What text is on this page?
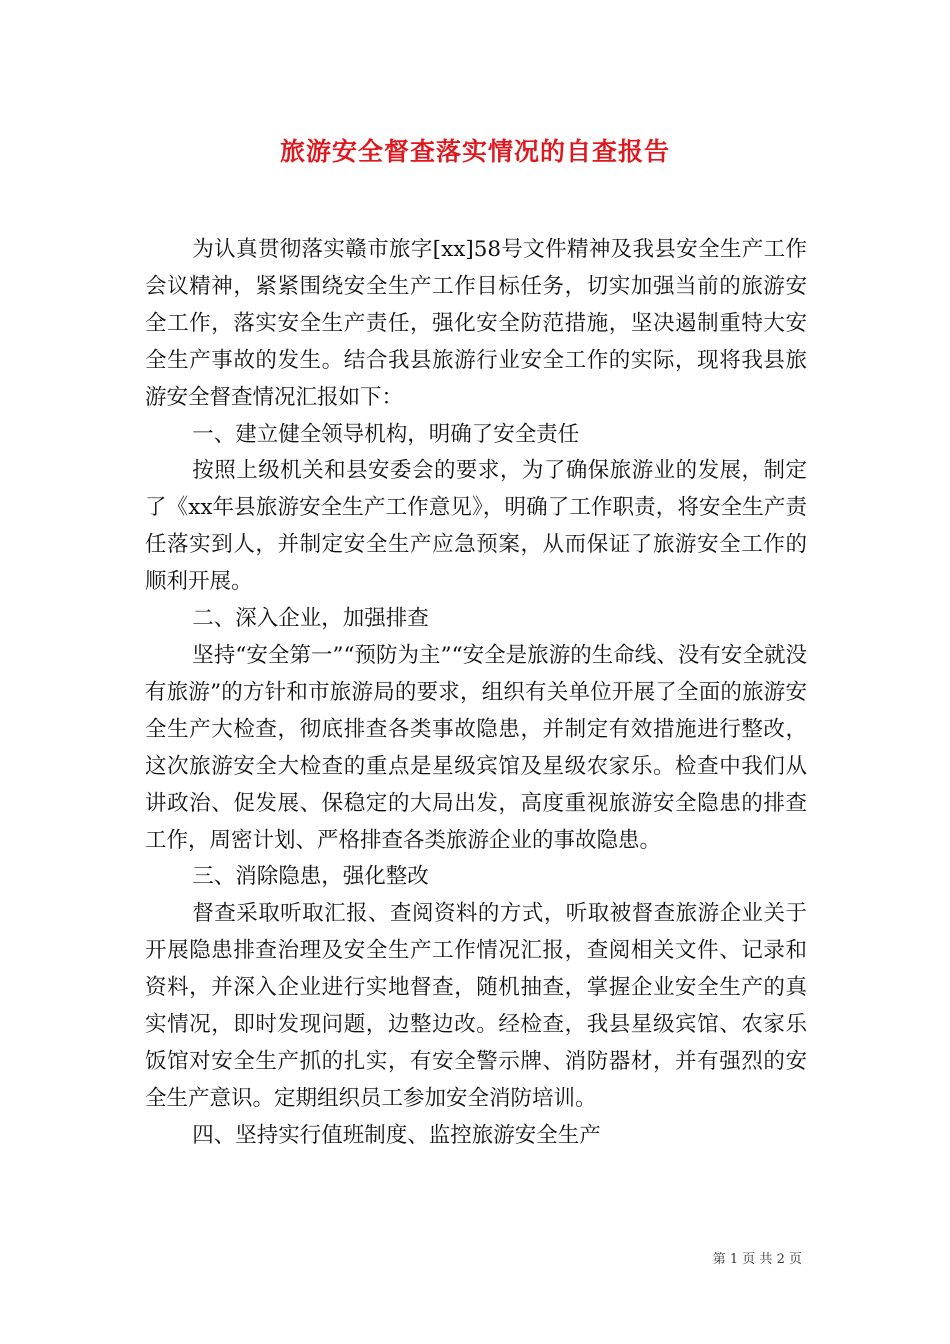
旅游安全督查落实情况的自查报告

为认真贯彻落实赣市旅字[xx]58号文件精神及我县安全生产工作会议精神，紧紧围绕安全生产工作目标任务，切实加强当前的旅游安全工作，落实安全生产责任，强化安全防范措施，坚决遏制重特大安全生产事故的发生。结合我县旅游行业安全工作的实际，现将我县旅游安全督查情况汇报如下：

一、建立健全领导机构，明确了安全责任

按照上级机关和县安委会的要求，为了确保旅游业的发展，制定了《xx年县旅游安全生产工作意见》，明确了工作职责，将安全生产责任落实到人，并制定安全生产应急预案，从而保证了旅游安全工作的顺利开展。

二、深入企业，加强排查

坚持“安全第一”“预防为主”“安全是旅游的生命线、没有安全就没有旅游”的方针和市旅游局的要求，组织有关单位开展了全面的旅游安全生产大检查，彻底排查各类事故隐患，并制定有效措施进行整改，这次旅游安全大检查的重点是星级宾馆及星级农家乐。检查中我们从讲政治、促发展、保稳定的大局出发，高度重视旅游安全隐患的排查工作，周密计划、严格排查各类旅游企业的事故隐患。

三、消除隐患，强化整改

督查采取听取汇报、查阅资料的方式，听取被督查旅游企业关于开展隐患排查治理及安全生产工作情况汇报，查阅相关文件、记录和资料，并深入企业进行实地督查，随机抽查，掌握企业安全生产的真实情况，即时发现问题，边整边改。经检查，我县星级宾馆、农家乐饭馆对安全生产抓的扎实，有安全警示牌、消防器材，并有强烈的安全生产意识。定期组织员工参加安全消防培训。

四、坚持实行值班制度、监控旅游安全生产

第 1 页 共 2 页
